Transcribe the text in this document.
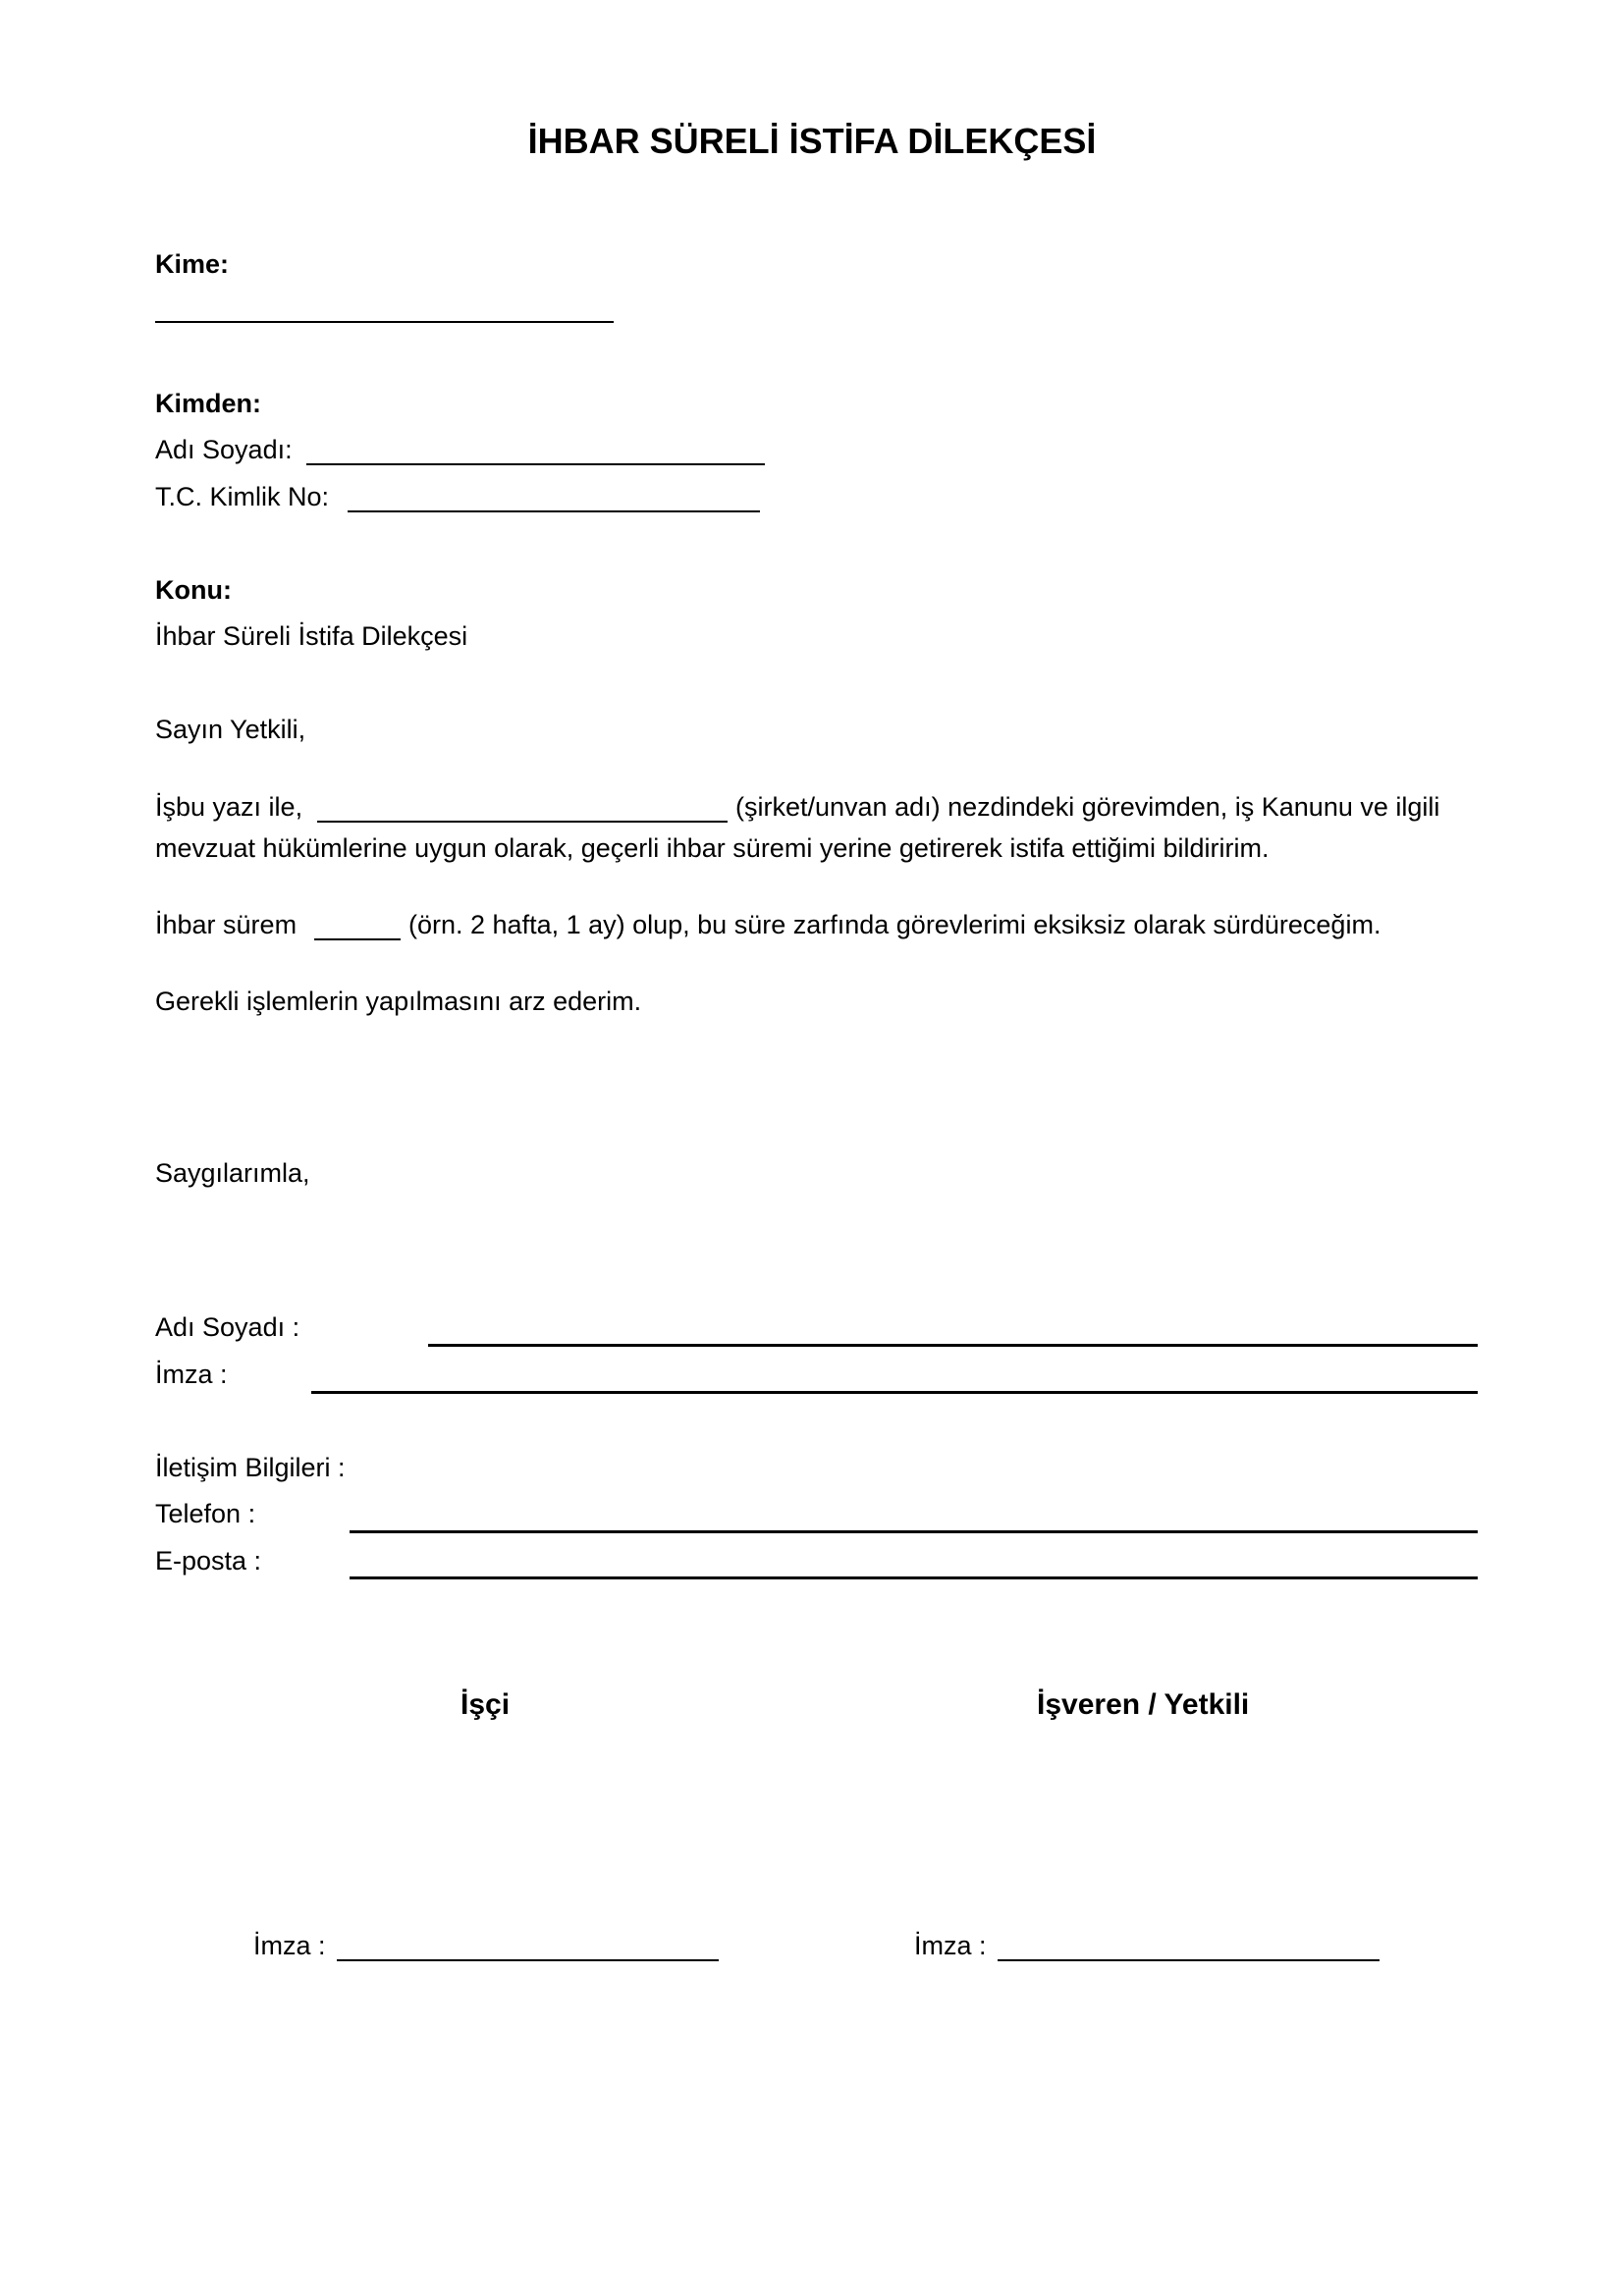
İHBAR SÜRELİ İSTİFA DİLEKÇESİ
Kime:
Kimden:
Adı Soyadı:
T.C. Kimlik No:
Konu:
İhbar Süreli İstifa Dilekçesi
Sayın Yetkili,
İşbu yazı ile,	(şirket/unvan adı) nezdindeki görevimden, iş Kanunu ve ilgili
mevzuat hükümlerine uygun olarak, geçerli ihbar süremi yerine getirerek istifa ettiğimi bildiririm.
İhbar sürem	(örn. 2 hafta, 1 ay) olup, bu süre zarfında görevlerimi eksiksiz olarak sürdüreceğim.
Gerekli işlemlerin yapılmasını arz ederim.
Saygılarımla,
Adı Soyadı :
İmza :
İletişim Bilgileri :
Telefon :
E-posta :
İşçi	İşveren / Yetkili
İmza :	İmza :
